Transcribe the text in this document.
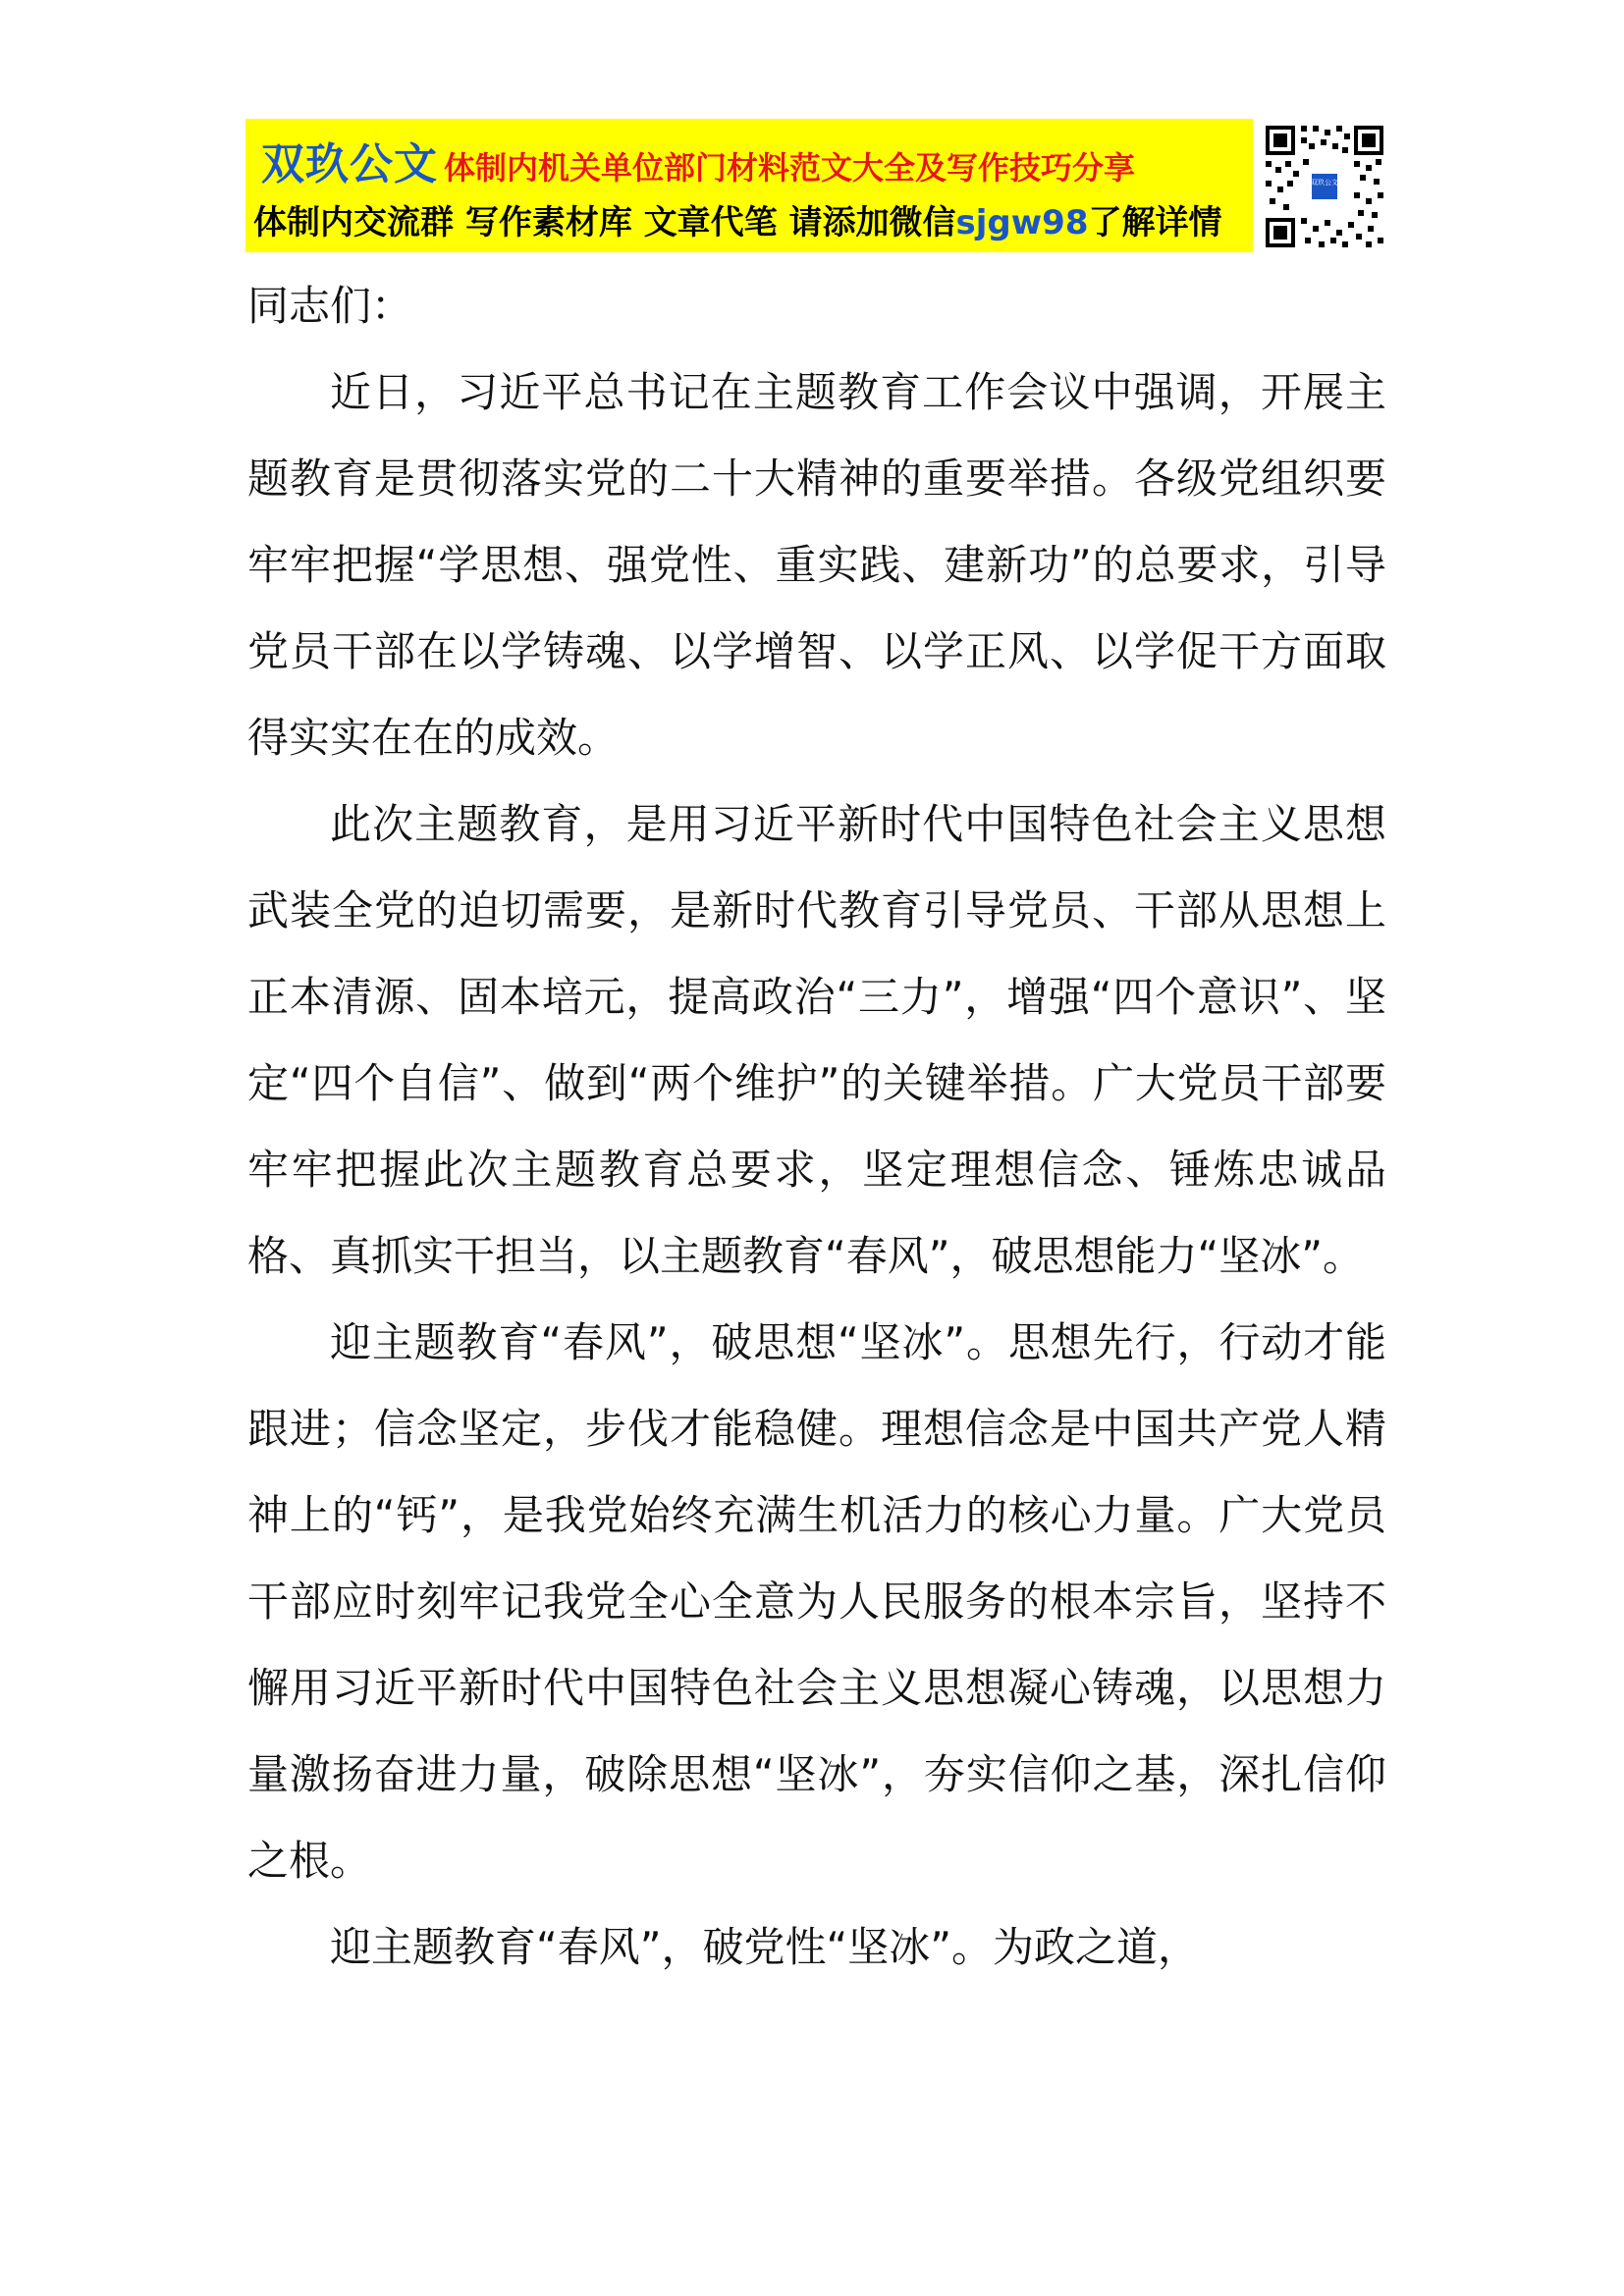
双玖公文 体制内机关单位部门材料范文大全及写作技巧分享
体制内交流群 写作素材库 文章代笔 请添加微信 sjgw98 了解详情
双玖公文

同志们：

近日，习近平总书记在主题教育工作会议中强调，开展主题教育是贯彻落实党的二十大精神的重要举措。各级党组织要牢牢把握“学思想、强党性、重实践、建新功”的总要求，引导党员干部在以学铸魂、以学增智、以学正风、以学促干方面取得实实在在的成效。

此次主题教育，是用习近平新时代中国特色社会主义思想武装全党的迫切需要，是新时代教育引导党员、干部从思想上正本清源、固本培元，提高政治“三力”，增强“四个意识”、坚定“四个自信”、做到“两个维护”的关键举措。广大党员干部要牢牢把握此次主题教育总要求，坚定理想信念、锤炼忠诚品格、真抓实干担当，以主题教育“春风”，破思想能力“坚冰”。

迎主题教育“春风”，破思想“坚冰”。思想先行，行动才能跟进；信念坚定，步伐才能稳健。理想信念是中国共产党人精神上的“钙”，是我党始终充满生机活力的核心力量。广大党员干部应时刻牢记我党全心全意为人民服务的根本宗旨，坚持不懈用习近平新时代中国特色社会主义思想凝心铸魂，以思想力量激扬奋进力量，破除思想“坚冰”，夯实信仰之基，深扎信仰之根。

迎主题教育“春风”，破党性“坚冰”。为政之道，
